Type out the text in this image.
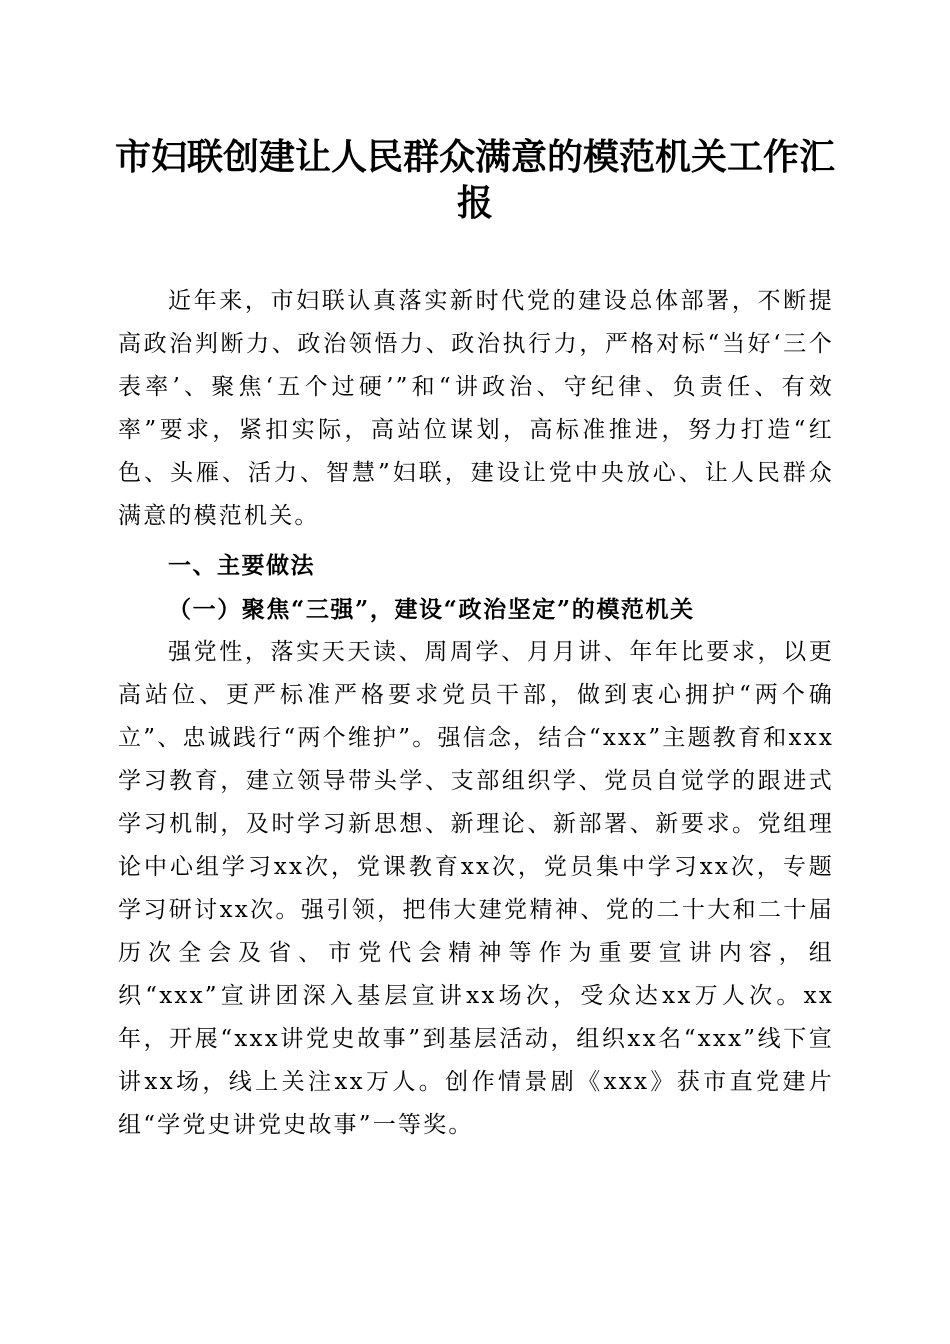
市妇联创建让人民群众满意的模范机关工作汇报

近年来，市妇联认真落实新时代党的建设总体部署，不断提高政治判断力、政治领悟力、政治执行力，严格对标“当好‘三个表率’、聚焦‘五个过硬’”和“讲政治、守纪律、负责任、有效率”要求，紧扣实际，高站位谋划，高标准推进，努力打造“红色、头雁、活力、智慧”妇联，建设让党中央放心、让人民群众满意的模范机关。

一、主要做法
（一）聚焦“三强”，建设“政治坚定”的模范机关

强党性，落实天天读、周周学、月月讲、年年比要求，以更高站位、更严标准严格要求党员干部，做到衷心拥护“两个确立”、忠诚践行“两个维护”。强信念，结合“xxx”主题教育和xxx学习教育，建立领导带头学、支部组织学、党员自觉学的跟进式学习机制，及时学习新思想、新理论、新部署、新要求。党组理论中心组学习xx次，党课教育xx次，党员集中学习xx次，专题学习研讨xx次。强引领，把伟大建党精神、党的二十大和二十届历次全会及省、市党代会精神等作为重要宣讲内容，组织“xxx”宣讲团深入基层宣讲xx场次，受众达xx万人次。xx年，开展“xxx讲党史故事”到基层活动，组织xx名“xxx”线下宣讲xx场，线上关注xx万人。创作情景剧《xxx》获市直党建片组“学党史讲党史故事”一等奖。
